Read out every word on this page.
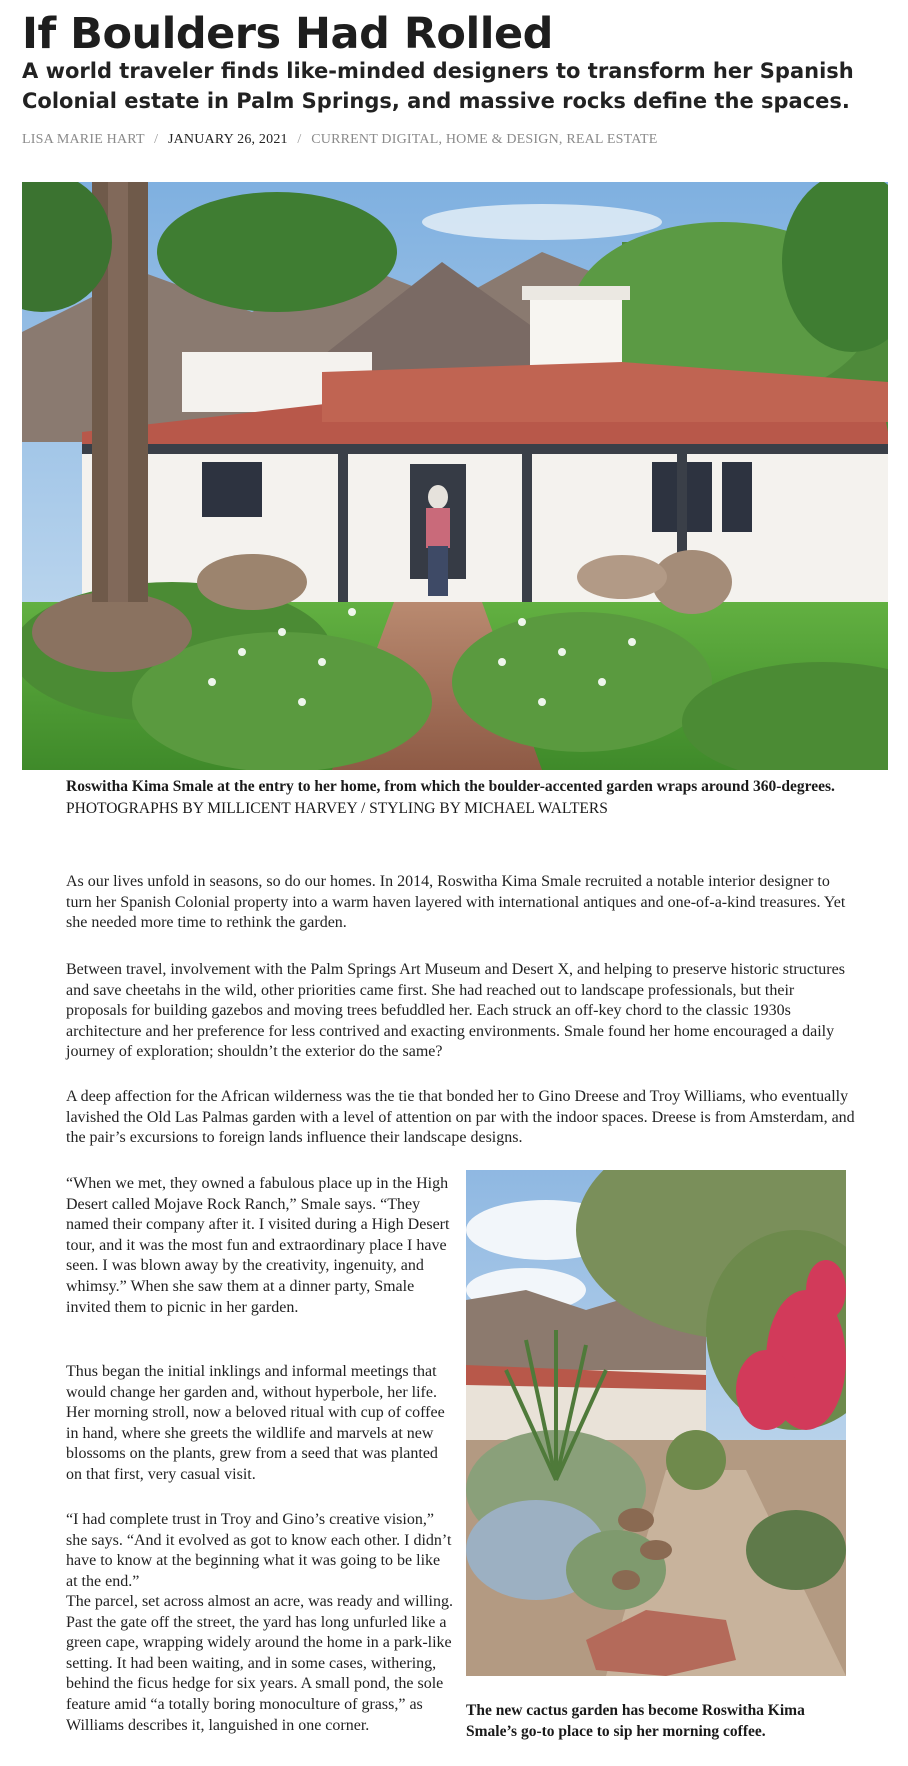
If Boulders Had Rolled
A world traveler finds like-minded designers to transform her Spanish Colonial estate in Palm Springs, and massive rocks define the spaces.
LISA MARIE HART / JANUARY 26, 2021 / CURRENT DIGITAL, HOME & DESIGN, REAL ESTATE
Roswitha Kima Smale at the entry to her home, from which the boulder-accented garden wraps around 360-degrees.
PHOTOGRAPHS BY MILLICENT HARVEY / STYLING BY MICHAEL WALTERS

As our lives unfold in seasons, so do our homes. In 2014, Roswitha Kima Smale recruited a notable interior designer to turn her Spanish Colonial property into a warm haven layered with international antiques and one-of-a-kind treasures. Yet she needed more time to rethink the garden.

Between travel, involvement with the Palm Springs Art Museum and Desert X, and helping to preserve historic structures and save cheetahs in the wild, other priorities came first. She had reached out to landscape professionals, but their proposals for building gazebos and moving trees befuddled her. Each struck an off-key chord to the classic 1930s architecture and her preference for less contrived and exacting environments. Smale found her home encouraged a daily journey of exploration; shouldn’t the exterior do the same?

A deep affection for the African wilderness was the tie that bonded her to Gino Dreese and Troy Williams, who eventually lavished the Old Las Palmas garden with a level of attention on par with the indoor spaces. Dreese is from Amsterdam, and the pair’s excursions to foreign lands influence their landscape designs.

“When we met, they owned a fabulous place up in the High Desert called Mojave Rock Ranch,” Smale says. “They named their company after it. I visited during a High Desert tour, and it was the most fun and extraordinary place I have seen. I was blown away by the creativity, ingenuity, and whimsy.” When she saw them at a dinner party, Smale invited them to picnic in her garden.

Thus began the initial inklings and informal meetings that would change her garden and, without hyperbole, her life. Her morning stroll, now a beloved ritual with cup of coffee in hand, where she greets the wildlife and marvels at new blossoms on the plants, grew from a seed that was planted on that first, very casual visit.

“I had complete trust in Troy and Gino’s creative vision,” she says. “And it evolved as got to know each other. I didn’t have to know at the beginning what it was going to be like at the end.”

The parcel, set across almost an acre, was ready and willing. Past the gate off the street, the yard has long unfurled like a green cape, wrapping widely around the home in a park-like setting. It had been waiting, and in some cases, withering, behind the ficus hedge for six years. A small pond, the sole feature amid “a totally boring monoculture of grass,” as Williams describes it, languished in one corner.

The new cactus garden has become Roswitha Kima Smale’s go-to place to sip her morning coffee.
